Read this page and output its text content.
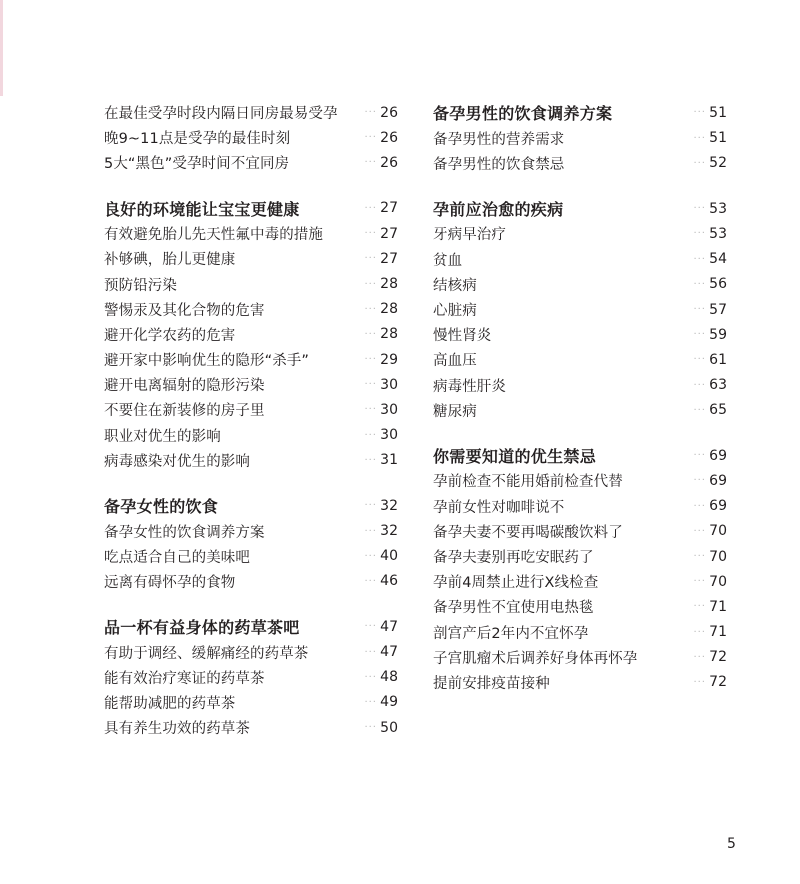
在最佳受孕时段内隔日同房最易受孕	··· 26
晚9~11点是受孕的最佳时刻	··· 26
5大“黑色”受孕时间不宜同房	··· 26
良好的环境能让宝宝更健康	··· 27
有效避免胎儿先天性氟中毒的措施	··· 27
补够碘，胎儿更健康	··· 27
预防铅污染	··· 28
警惕汞及其化合物的危害	··· 28
避开化学农药的危害	··· 28
避开家中影响优生的隐形“杀手”	··· 29
避开电离辐射的隐形污染	··· 30
不要住在新装修的房子里	··· 30
职业对优生的影响	··· 30
病毒感染对优生的影响	··· 31
备孕女性的饮食	··· 32
备孕女性的饮食调养方案	··· 32
吃点适合自己的美味吧	··· 40
远离有碍怀孕的食物	··· 46
品一杯有益身体的药草茶吧	··· 47
有助于调经、缓解痛经的药草茶	··· 47
能有效治疗寒证的药草茶	··· 48
能帮助减肥的药草茶	··· 49
具有养生功效的药草茶	··· 50
备孕男性的饮食调养方案	··· 51
备孕男性的营养需求	··· 51
备孕男性的饮食禁忌	··· 52
孕前应治愈的疾病	··· 53
牙病早治疗	··· 53
贫血	··· 54
结核病	··· 56
心脏病	··· 57
慢性肾炎	··· 59
高血压	··· 61
病毒性肝炎	··· 63
糖尿病	··· 65
你需要知道的优生禁忌	··· 69
孕前检查不能用婚前检查代替	··· 69
孕前女性对咖啡说不	··· 69
备孕夫妻不要再喝碳酸饮料了	··· 70
备孕夫妻别再吃安眠药了	··· 70
孕前4周禁止进行X线检查	··· 70
备孕男性不宜使用电热毯	··· 71
剖宫产后2年内不宜怀孕	··· 71
子宫肌瘤术后调养好身体再怀孕	··· 72
提前安排疫苗接种	··· 72
5
